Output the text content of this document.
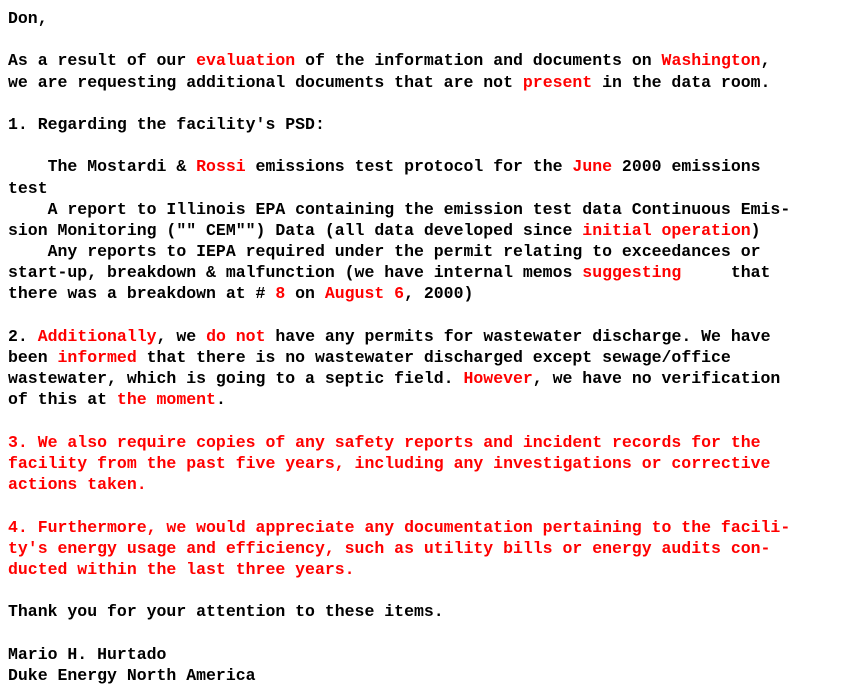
Don,
As a result of our evaluation of the information and documents on Washington,
we are requesting additional documents that are not present in the data room.
1. Regarding the facility's PSD:
The Mostardi & Rossi emissions test protocol for the June 2000 emissions
test
A report to Illinois EPA containing the emission test data Continuous Emis-
sion Monitoring ("" CEM"") Data (all data developed since initial operation)
Any reports to IEPA required under the permit relating to exceedances or
start-up, breakdown & malfunction (we have internal memos suggesting     that
there was a breakdown at # 8 on August 6, 2000)
2. Additionally, we do not have any permits for wastewater discharge. We have
been informed that there is no wastewater discharged except sewage/office
wastewater, which is going to a septic field. However, we have no verification
of this at the moment.
3. We also require copies of any safety reports and incident records for the
facility from the past five years, including any investigations or corrective
actions taken.
4. Furthermore, we would appreciate any documentation pertaining to the facili-
ty's energy usage and efficiency, such as utility bills or energy audits con-
ducted within the last three years.
Thank you for your attention to these items.
Mario H. Hurtado
Duke Energy North America
